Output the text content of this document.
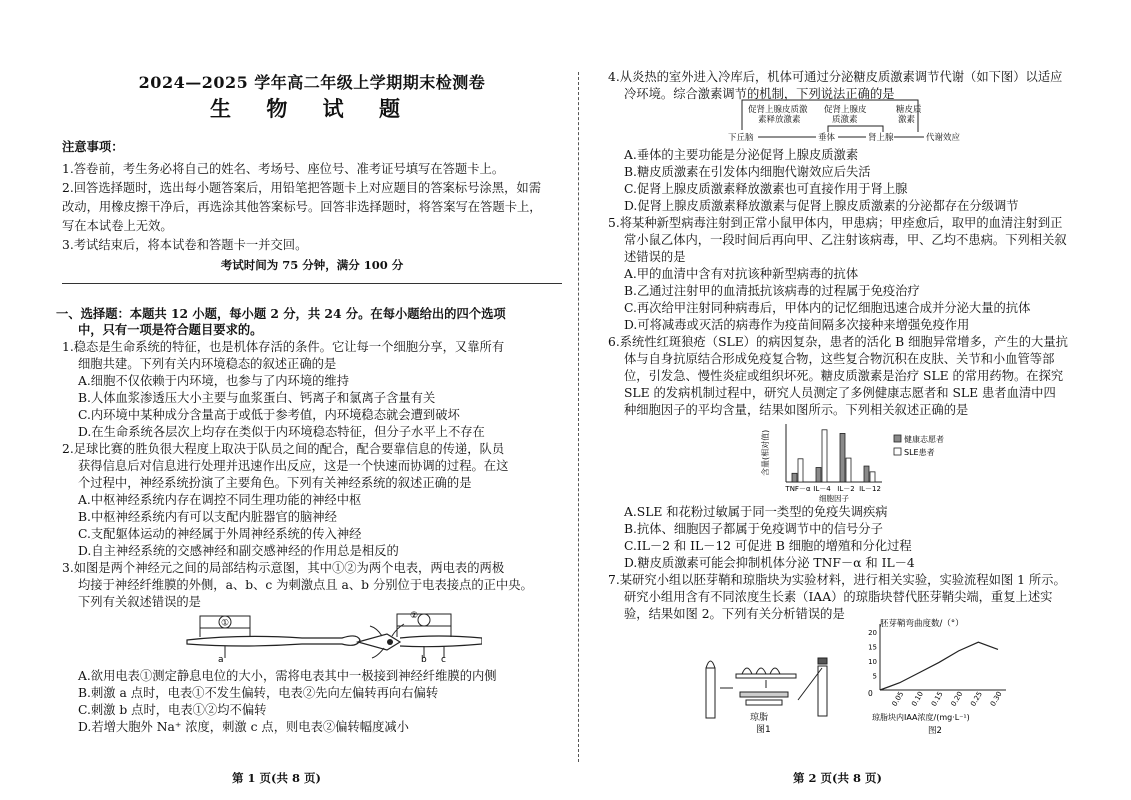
2024—2025 学年高二年级上学期期末检测卷
生 物 试 题
注意事项：
1.答卷前，考生务必将自己的姓名、考场号、座位号、准考证号填写在答题卡上。
2.回答选择题时，选出每小题答案后，用铅笔把答题卡上对应题目的答案标号涂黑，如需
改动，用橡皮擦干净后，再选涂其他答案标号。回答非选择题时，将答案写在答题卡上，
写在本试卷上无效。
3.考试结束后，将本试卷和答题卡一并交回。
考试时间为 75 分钟，满分 100 分
一、选择题：本题共 12 小题，每小题 2 分，共 24 分。在每小题给出的四个选项
中，只有一项是符合题目要求的。
1.稳态是生命系统的特征，也是机体存活的条件。它让每一个细胞分享，又靠所有
细胞共建。下列有关内环境稳态的叙述正确的是
A.细胞不仅依赖于内环境，也参与了内环境的维持
B.人体血浆渗透压大小主要与血浆蛋白、钙离子和氯离子含量有关
C.内环境中某种成分含量高于或低于参考值，内环境稳态就会遭到破坏
D.在生命系统各层次上均存在类似于内环境稳态特征，但分子水平上不存在
2.足球比赛的胜负很大程度上取决于队员之间的配合，配合要靠信息的传递，队员
获得信息后对信息进行处理并迅速作出反应，这是一个快速而协调的过程。在这
个过程中，神经系统扮演了主要角色。下列有关神经系统的叙述正确的是
A.中枢神经系统内存在调控不同生理功能的神经中枢
B.中枢神经系统内有可以支配内脏器官的脑神经
C.支配躯体运动的神经属于外周神经系统的传入神经
D.自主神经系统的交感神经和副交感神经的作用总是相反的
3.如图是两个神经元之间的局部结构示意图，其中①②为两个电表，两电表的两极
均接于神经纤维膜的外侧，a、b、c 为刺激点且 a、b 分别位于电表接点的正中央。
下列有关叙述错误的是
①
②
a	b c
A.欲用电表①测定静息电位的大小，需将电表其中一极接到神经纤维膜的内侧
B.刺激 a 点时，电表①不发生偏转，电表②先向左偏转再向右偏转
C.刺激 b 点时，电表①②均不偏转
D.若增大胞外 Na⁺ 浓度，刺激 c 点，则电表②偏转幅度减小
第 1 页(共 8 页)
4.从炎热的室外进入冷库后，机体可通过分泌糖皮质激素调节代谢（如下图）以适应
冷环境。综合激素调节的机制，下列说法正确的是
促肾上腺皮质激
素释放激素
促肾上腺皮
质激素
糖皮质
激素
下丘脑	垂体	肾上腺	代谢效应
A.垂体的主要功能是分泌促肾上腺皮质激素
B.糖皮质激素在引发体内细胞代谢效应后失活
C.促肾上腺皮质激素释放激素也可直接作用于肾上腺
D.促肾上腺皮质激素释放激素与促肾上腺皮质激素的分泌都存在分级调节
5.将某种新型病毒注射到正常小鼠甲体内，甲患病；甲痊愈后，取甲的血清注射到正
常小鼠乙体内，一段时间后再向甲、乙注射该病毒，甲、乙均不患病。下列相关叙
述错误的是
A.甲的血清中含有对抗该种新型病毒的抗体
B.乙通过注射甲的血清抵抗该病毒的过程属于免疫治疗
C.再次给甲注射同种病毒后，甲体内的记忆细胞迅速合成并分泌大量的抗体
D.可将减毒或灭活的病毒作为疫苗间隔多次接种来增强免疫作用
6.系统性红斑狼疮（SLE）的病因复杂，患者的活化 B 细胞异常增多，产生的大量抗
体与自身抗原结合形成免疫复合物，这些复合物沉积在皮肤、关节和小血管等部
位，引发急、慢性炎症或组织坏死。糖皮质激素是治疗 SLE 的常用药物。在探究
SLE 的发病机制过程中，研究人员测定了多例健康志愿者和 SLE 患者血清中四
种细胞因子的平均含量，结果如图所示。下列相关叙述正确的是
含量(相对值)
TNF－α IL－4 IL－2 IL－12
细胞因子
健康志愿者
SLE患者
A.SLE 和花粉过敏属于同一类型的免疫失调疾病
B.抗体、细胞因子都属于免疫调节中的信号分子
C.IL－2 和 IL－12 可促进 B 细胞的增殖和分化过程
D.糖皮质激素可能会抑制机体分泌 TNF－α 和 IL－4
7.某研究小组以胚芽鞘和琼脂块为实验材料，进行相关实验，实验流程如图 1 所示。
研究小组用含有不同浓度生长素（IAA）的琼脂块替代胚芽鞘尖端，重复上述实
验，结果如图 2。下列有关分析错误的是
琼脂
图1
胚芽鞘弯曲度数/（°）
琼脂块内IAA浓度/(mg·L⁻¹)
图2
0
20
15
10
5
0.05 0.10 0.15 0.20 0.25 0.30
第 2 页(共 8 页)
